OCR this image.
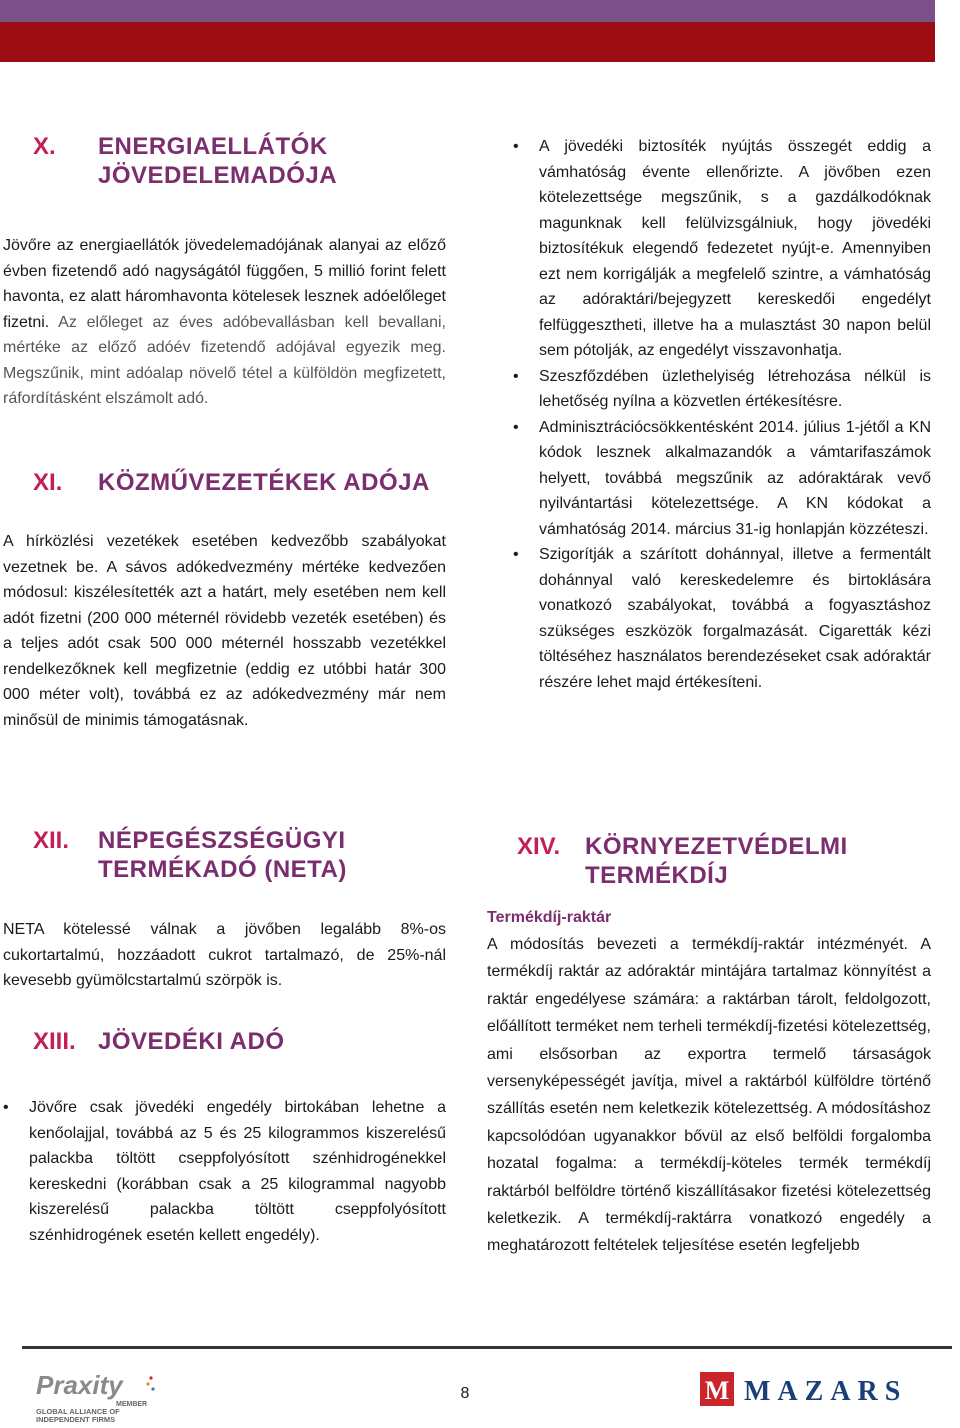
X.	ENERGIAELLÁTÓK JÖVEDELEMADÓJA

Jövőre az energiaellátók jövedelemadójának alanyai az előző évben fizetendő adó nagyságától függően, 5 millió forint felett havonta, ez alatt háromhavonta kötelesek lesznek adóelőleget fizetni. Az előleget az éves adóbevallásban kell bevallani, mértéke az előző adóév fizetendő adójával egyezik meg. Megszűnik, mint adóalap növelő tétel a külföldön megfizetett, ráfordításként elszámolt adó.

XI.	KÖZMŰVEZETÉKEK ADÓJA

A hírközlési vezetékek esetében kedvezőbb szabályokat vezetnek be. A sávos adókedvezmény mértéke kedvezően módosul: kiszélesítették azt a határt, mely esetében nem kell adót fizetni (200 000 méternél rövidebb vezeték esetében) és a teljes adót csak 500 000 méternél hosszabb vezetékkel rendelkezőknek kell megfizetnie (eddig ez utóbbi határ 300 000 méter volt), továbbá ez az adókedvezmény már nem minősül de minimis támogatásnak.

• A jövedéki biztosíték nyújtás összegét eddig a vámhatóság évente ellenőrizte. A jövőben ezen kötelezettsége megszűnik, s a gazdálkodóknak magunknak kell felülvizsgálniuk, hogy jövedéki biztosítékuk elegendő fedezetet nyújt-e. Amennyiben ezt nem korrigálják a megfelelő szintre, a vámhatóság az adóraktári/bejegyzett kereskedői engedélyt felfüggesztheti, illetve ha a mulasztást 30 napon belül sem pótolják, az engedélyt visszavonhatja.
• Szeszfőzdében üzlethelyiség létrehozása nélkül is lehetőség nyílna a közvetlen értékesítésre.
• Adminisztrációcsökkentésként 2014. július 1-jétől a KN kódok lesznek alkalmazandók a vámtarifaszámok helyett, továbbá megszűnik az adóraktárak vevő nyilvántartási kötelezettsége. A KN kódokat a vámhatóság 2014. március 31-ig honlapján közzéteszi.
• Szigorítják a szárított dohánnyal, illetve a fermentált dohánnyal való kereskedelemre és birtoklására vonatkozó szabályokat, továbbá a fogyasztáshoz szükséges eszközök forgalmazását. Cigaretták kézi töltéséhez használatos berendezéseket csak adóraktár részére lehet majd értékesíteni.
XII.	NÉPEGÉSZSÉGÜGYI TERMÉKADÓ (NETA)

NETA kötelessé válnak a jövőben legalább 8%-os cukortartalmú, hozzáadott cukrot tartalmazó, de 25%-nál kevesebb gyümölcstartalmú szörpök is.

XIII. JÖVEDÉKI ADÓ
• Jövőre csak jövedéki engedély birtokában lehetne a kenőolajjal, továbbá az 5 és 25 kilogrammos kiszerelésű palackba töltött cseppfolyósított szénhidrogénekkel kereskedni (korábban csak a 25 kilogrammal nagyobb kiszerelésű palackba töltött cseppfolyósított szénhidrogének esetén kellett engedély).
XIV.	KÖRNYEZETVÉDELMI TERMÉKDÍJ
Termékdíj-raktár

A módosítás bevezeti a termékdíj-raktár intézményét. A termékdíj raktár az adóraktár mintájára tartalmaz könnyítést a raktár engedélyese számára: a raktárban tárolt, feldolgozott, előállított terméket nem terheli termékdíj-fizetési kötelezettség, ami elsősorban az exportra termelő társaságok versenyképességét javítja, mivel a raktárból külföldre történő szállítás esetén nem keletkezik kötelezettség. A módosításhoz kapcsolódóan ugyanakkor bővül az első belföldi forgalomba hozatal fogalma: a termékdíj-köteles termék termékdíj raktárból belföldre történő kiszállításakor fizetési kötelezettség keletkezik. A termékdíj-raktárra vonatkozó engedély a meghatározott feltételek teljesítése esetén legfeljebb

Praxity
MEMBER
GLOBAL ALLIANCE OF
INDEPENDENT FIRMS
8	M MAZARS
